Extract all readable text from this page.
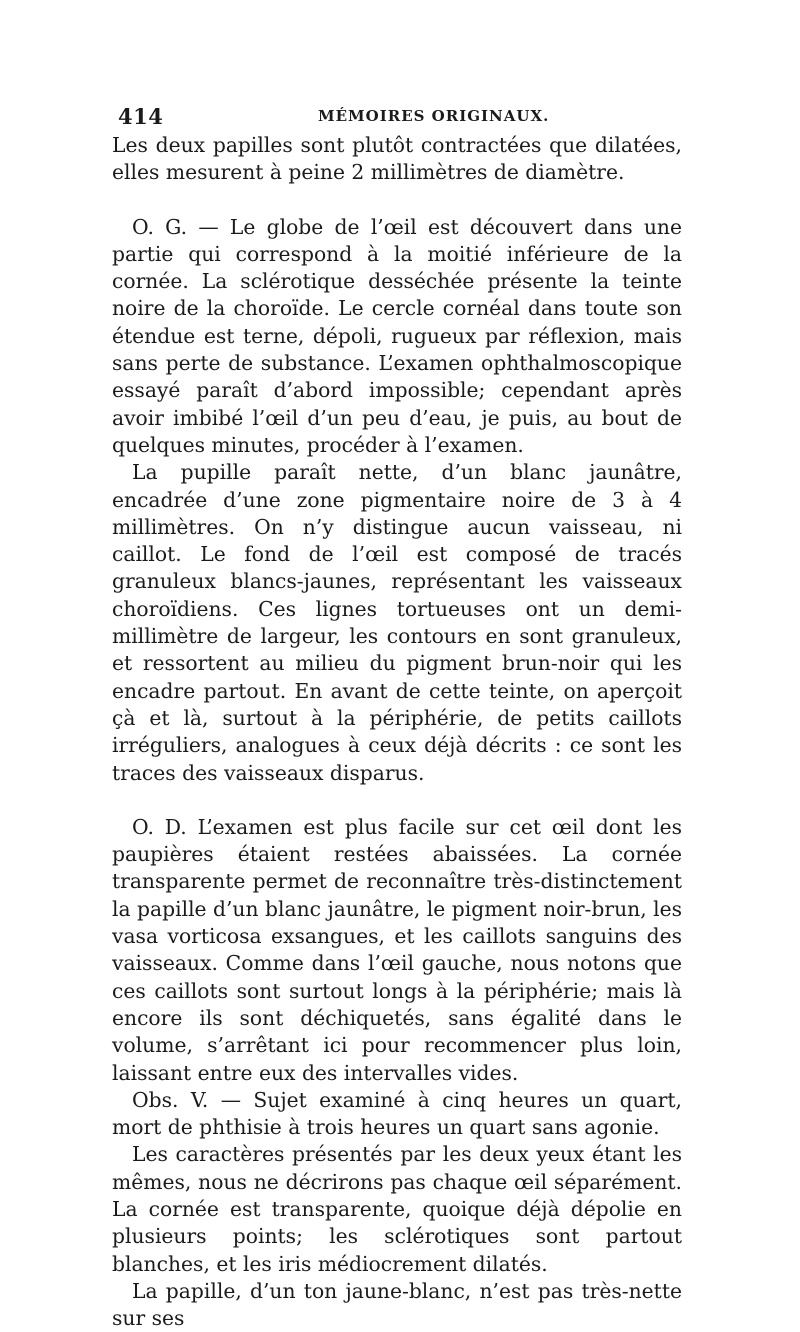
414	MÉMOIRES ORIGINAUX.

Les deux papilles sont plutôt contractées que dilatées, elles mesurent à peine 2 millimètres de diamètre.

O. G. — Le globe de l’œil est découvert dans une partie qui correspond à la moitié inférieure de la cornée. La sclérotique desséchée présente la teinte noire de la choroïde. Le cercle cornéal dans toute son étendue est terne, dépoli, rugueux par réflexion, mais sans perte de substance. L’examen ophthalmoscopique essayé paraît d’abord impossible; cependant après avoir imbibé l’œil d’un peu d’eau, je puis, au bout de quelques minutes, procéder à l’examen.

La pupille paraît nette, d’un blanc jaunâtre, encadrée d’une zone pigmentaire noire de 3 à 4 millimètres. On n’y distingue aucun vaisseau, ni caillot. Le fond de l’œil est composé de tracés granuleux blancs-jaunes, représentant les vaisseaux choroïdiens. Ces lignes tortueuses ont un demi-millimètre de largeur, les contours en sont granuleux, et ressortent au milieu du pigment brun-noir qui les encadre partout. En avant de cette teinte, on aperçoit çà et là, surtout à la périphérie, de petits caillots irréguliers, analogues à ceux déjà décrits : ce sont les traces des vaisseaux disparus.

O. D. L’examen est plus facile sur cet œil dont les paupières étaient restées abaissées. La cornée transparente permet de reconnaître très-distinctement la papille d’un blanc jaunâtre, le pigment noir-brun, les vasa vorticosa exsangues, et les caillots sanguins des vaisseaux. Comme dans l’œil gauche, nous notons que ces caillots sont surtout longs à la périphérie; mais là encore ils sont déchiquetés, sans égalité dans le volume, s’arrêtant ici pour recommencer plus loin, laissant entre eux des intervalles vides.

Obs. V. — Sujet examiné à cinq heures un quart, mort de phthisie à trois heures un quart sans agonie.

Les caractères présentés par les deux yeux étant les mêmes, nous ne décrirons pas chaque œil séparément. La cornée est transparente, quoique déjà dépolie en plusieurs points; les sclérotiques sont partout blanches, et les iris médiocrement dilatés.

La papille, d’un ton jaune-blanc, n’est pas très-nette sur ses
